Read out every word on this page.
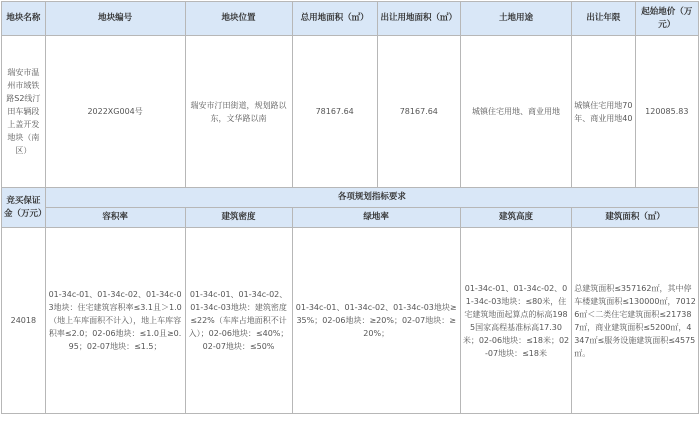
地块名称	地块编号	地块位置	总用地面积（㎡）	出让用地面积（㎡）	土地用途	出让年限	起始地价（万元）
瑞安市温州市域铁路S2线汀田车辆段上盖开发地块（南区）	2022XG004号	瑞安市汀田街道，规划路以东，文华路以南	78167.64	78167.64	城镇住宅用地、商业用地	城镇住宅用地70年、商业用地40	120085.83
竞买保证金（万元）	各项规划指标要求						
	容积率	建筑密度	绿地率		建筑高度	建筑面积（㎡）	
24018	01-34c-01、01-34c-02、01-34c-03地块：住宅建筑容积率≤3.1且＞1.0（地上车库面积不计入），地上车库容积率≤2.0；02-06地块：≤1.0且≥0.95；02-07地块：≤1.5；	01-34c-01、01-34c-02、01-34c-03地块：建筑密度≤22%（车库占地面积不计入）；02-06地块：≤40%；02-07地块：≤50%	01-34c-01、01-34c-02、01-34c-03地块≥35%；02-06地块：≥20%；02-07地块：≥20%；		01-34c-01、01-34c-02、01-34c-03地块：≤80米，住宅建筑地面起算点的标高1985国家高程基准标高17.30米；02-06地块：≤18米；02-07地块：≤18米	总建筑面积≤357162㎡，其中停车楼建筑面积≤130000㎡，70126㎡＜二类住宅建筑面积≤217387㎡，商业建筑面积≤5200㎡，4347㎡≤服务设施建筑面积≤4575㎡。	
